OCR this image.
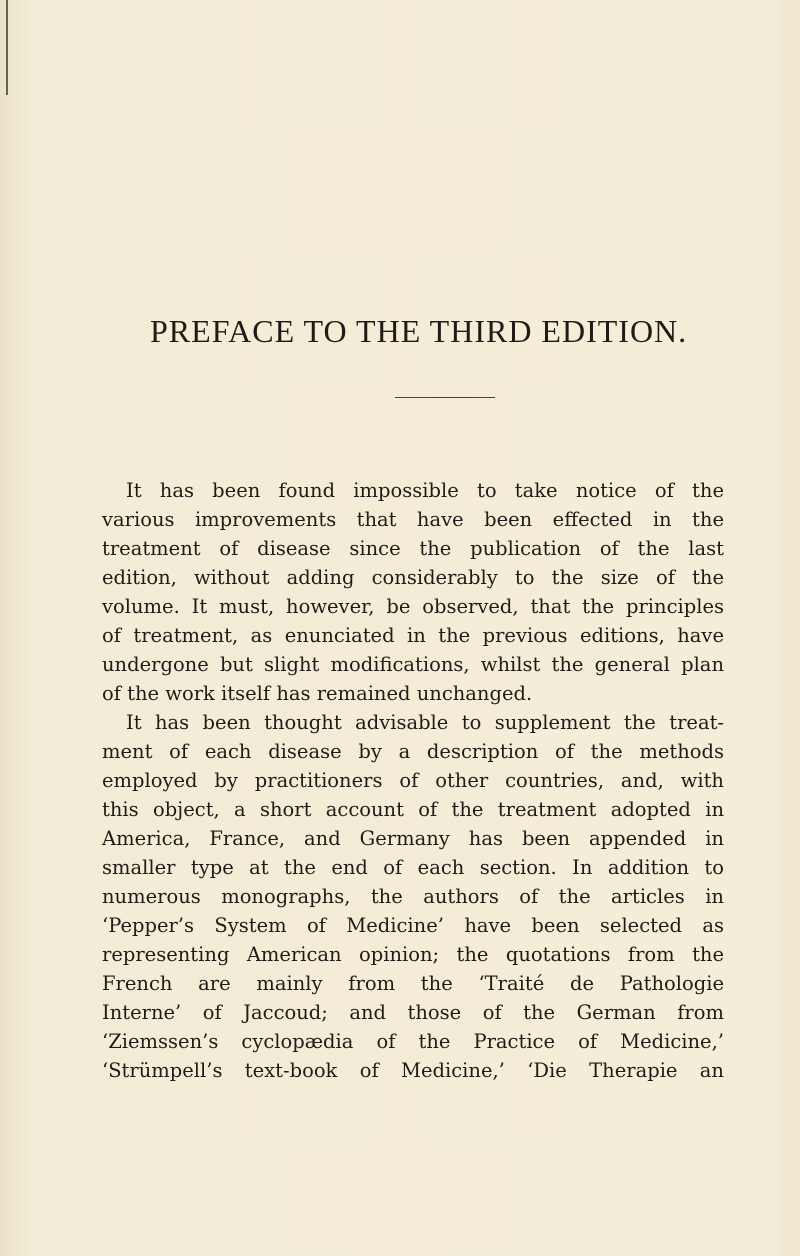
PREFACE TO THE THIRD EDITION.

It has been found impossible to take notice of the

various improvements that have been effected in the

treatment of disease since the publication of the last

edition, without adding considerably to the size of the

volume. It must, however, be observed, that the principles

of treatment, as enunciated in the previous editions, have

undergone but slight modifications, whilst the general plan

of the work itself has remained unchanged.

It has been thought advisable to supplement the treat-

ment of each disease by a description of the methods

employed by practitioners of other countries, and, with

this object, a short account of the treatment adopted in

America, France, and Germany has been appended in

smaller type at the end of each section. In addition to

numerous monographs, the authors of the articles in

‘Pepper’s System of Medicine’ have been selected as

representing American opinion; the quotations from the

French are mainly from the ‘Traité de Pathologie

Interne’ of Jaccoud; and those of the German from

‘Ziemssen’s cyclopædia of the Practice of Medicine,’

‘Strümpell’s text-book of Medicine,’ ‘Die Therapie an
